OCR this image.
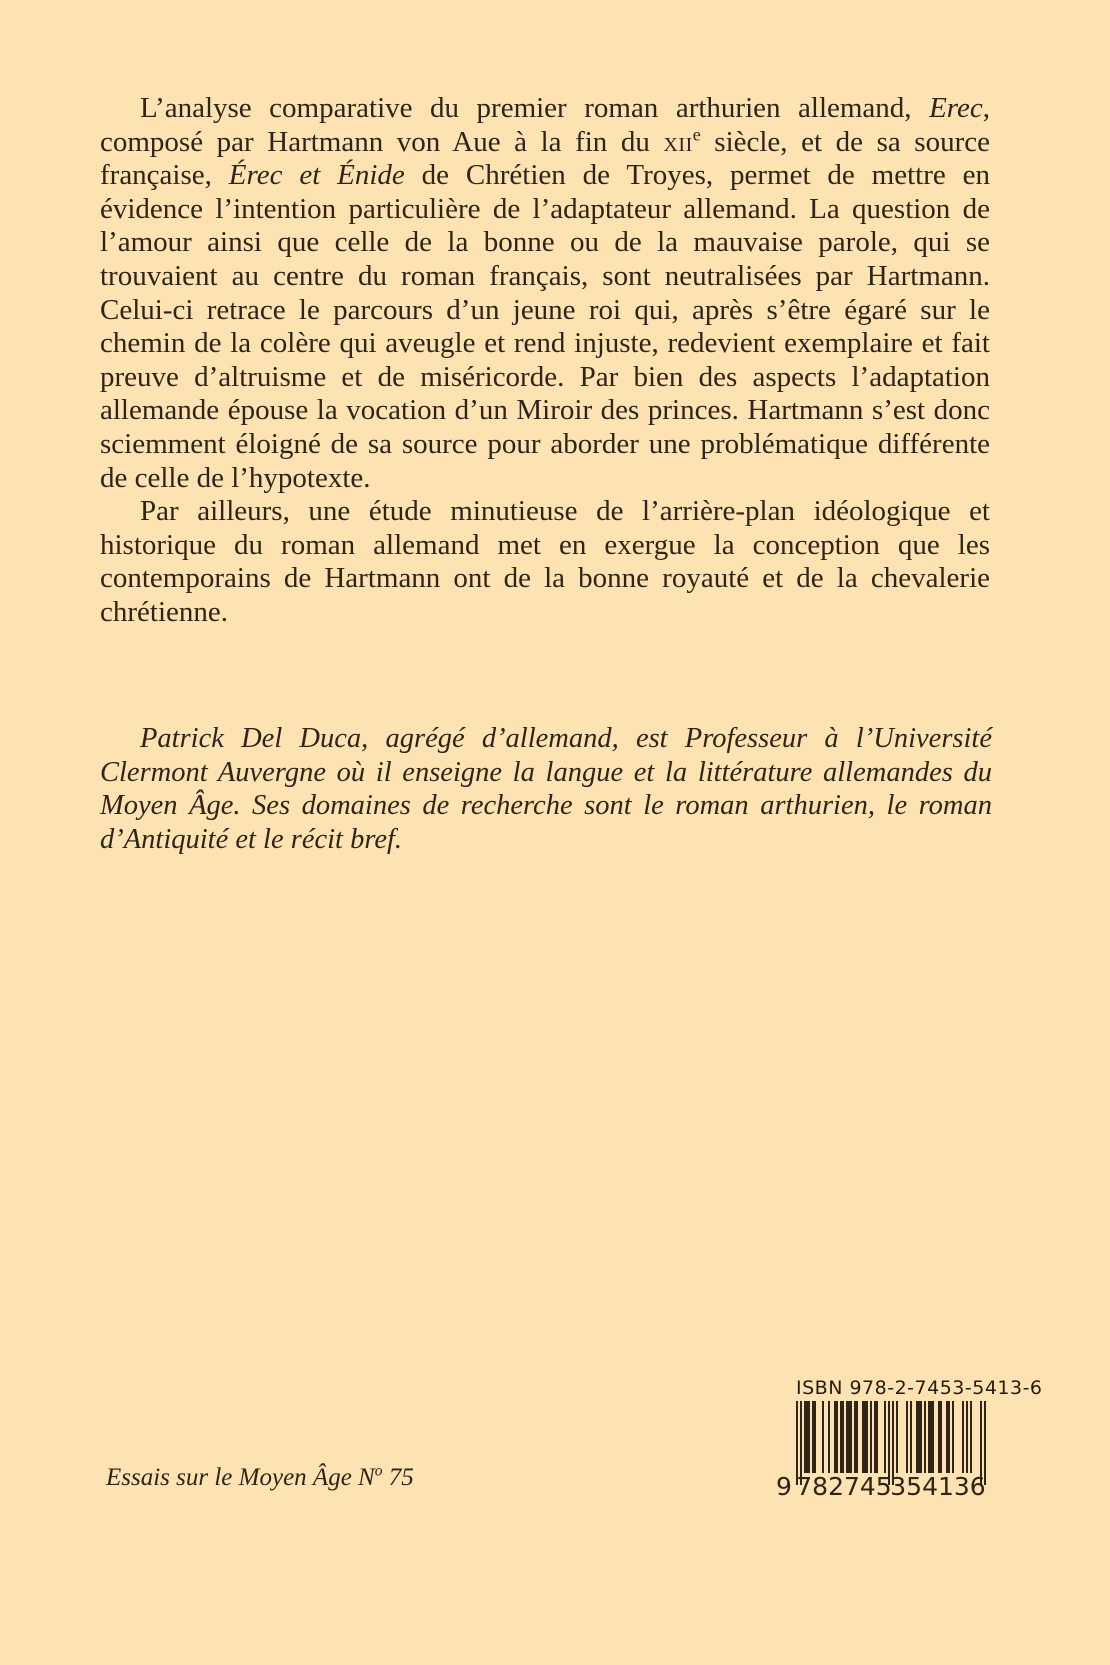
L’analyse comparative du premier roman arthurien allemand, Erec, composé par Hartmann von Aue à la fin du xii$^e$ siècle, et de sa source française, Érec et Énide de Chrétien de Troyes, permet de mettre en évidence l’intention particulière de l’adaptateur allemand. La question de l’amour ainsi que celle de la bonne ou de la mauvaise parole, qui se trouvaient au centre du roman français, sont neutralisées par Hartmann. Celui-ci retrace le parcours d’un jeune roi qui, après s’être égaré sur le chemin de la colère qui aveugle et rend injuste, redevient exemplaire et fait preuve d’altruisme et de miséricorde. Par bien des aspects l’adaptation allemande épouse la vocation d’un Miroir des princes. Hartmann s’est donc sciemment éloigné de sa source pour aborder une problématique différente de celle de l’hypotexte.

Par ailleurs, une étude minutieuse de l’arrière-plan idéologique et historique du roman allemand met en exergue la conception que les contemporains de Hartmann ont de la bonne royauté et de la chevalerie chrétienne.

Patrick Del Duca, agrégé d’allemand, est Professeur à l’Université Clermont Auvergne où il enseigne la langue et la littérature allemandes du Moyen Âge. Ses domaines de recherche sont le roman arthurien, le roman d’Antiquité et le récit bref.

Essais sur le Moyen Âge $N^o$ 75
ISBN 978-2-7453-5413-6
9 782745
354136
